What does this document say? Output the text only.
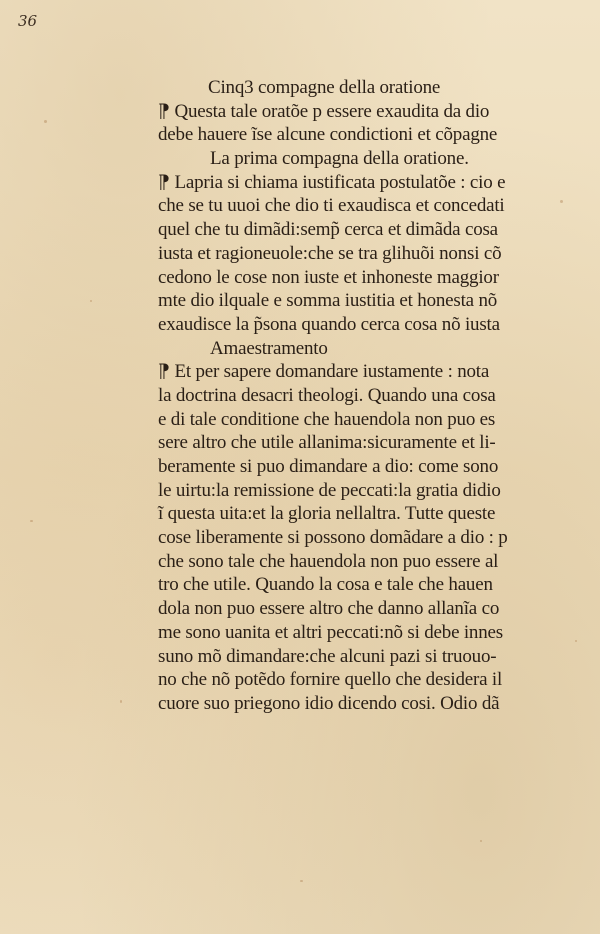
36
Cinq3 compagne della oratione
⁋ Questa tale oratõe p essere exaudita da dio
debe hauere ĩse alcune condictioni et cõpagne
La prima compagna della oratione.
⁋ Lapria si chiama iustificata postulatõe : cio e
che se tu uuoi che dio ti exaudisca et concedati
quel che tu dimãdi:semp̃ cerca et dimãda cosa
iusta et ragioneuole:che se tra glihuõi nonsi cõ
cedono le cose non iuste et inhoneste maggior
mte dio ilquale e somma iustitia et honesta nõ
exaudisce la p̃sona quando cerca cosa nõ iusta
Amaestramento
⁋ Et per sapere domandare iustamente : nota
la doctrina desacri theologi. Quando una cosa
e di tale conditione che hauendola non puo es
sere altro che utile allanima:sicuramente et li-
beramente si puo dimandare a dio: come sono
le uirtu:la remissione de peccati:la gratia didio
ĩ questa uita:et la gloria nellaltra. Tutte queste
cose liberamente si possono domãdare a dio : p
che sono tale che hauendola non puo essere al
tro che utile. Quando la cosa e tale che hauen
dola non puo essere altro che danno allanĩa co
me sono uanita et altri peccati:nõ si debe innes
suno mõ dimandare:che alcuni pazi si truouo-
no che nõ potẽdo fornire quello che desidera il
cuore suo priegono idio dicendo cosi. Odio dã
